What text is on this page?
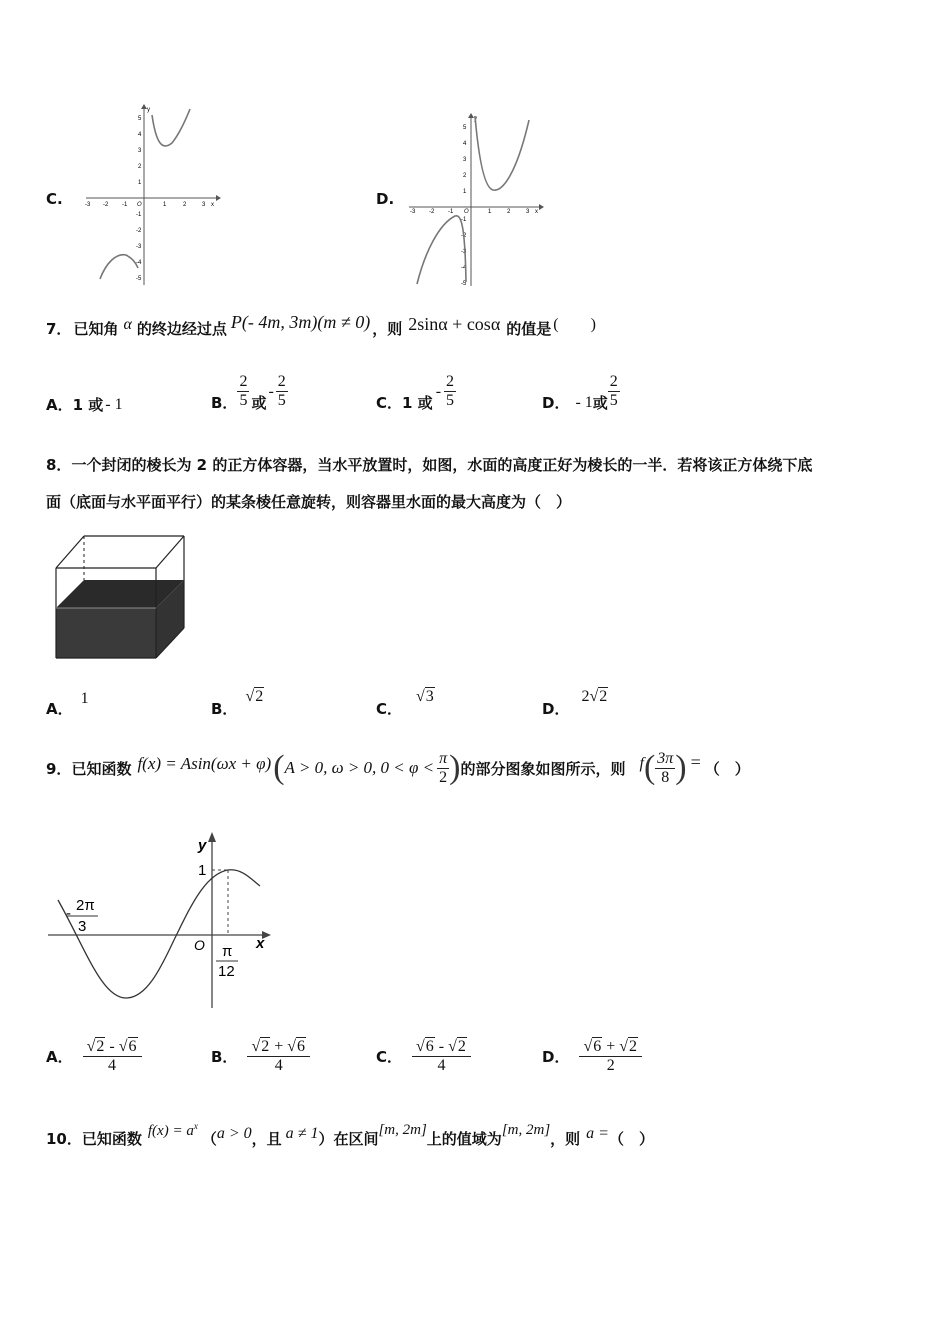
C.
y
x
O
-3 -2 -1	1	2	3
5
4
3
2
1
-1
-2
-3
-4
-5
D.
y
x
O
-3 -2 -1	1	2	3
5
4
3
2
1
-1
-2
-3
-4
-5
7． 已知角 α 的终边经过点 P(- 4m, 3m)(m ≠ 0) ，则 2sinα + cosα 的值是 (        )
A． 1 或 - 1	B． $\frac{2}{5}$ 或
- $\frac{2}{5}$	C． 1 或
- $\frac{2}{5}$	D． - 1 或 $\frac{2}{5}$
8．一个封闭的棱长为 2 的正方体容器，当水平放置时，如图，水面的高度正好为棱长的一半．若将该正方体绕下底
面（底面与水平面平行）的某条棱任意旋转，则容器里水面的最大高度为（　）
A．
1
B．
√2
C．
√3
D．
2 √2
9． 已知函数 f(x) = Asin(ωx + φ) ( A > 0, ω > 0, $0 < \varphi < \frac{\pi}{2}$ ) 的部分图象如图所示，则 f ( $\frac{3\pi}{8}$ ) = （　）
y
x
O
1
- 2π
3
π
12
A． $\frac{√2 - √6}{4}$	B． $\frac{√2 + √6}{4}$	C． $\frac{√6 - √2}{4}$	D． $\frac{√6 + √2}{2}$
10． 已知函数 $f(x) = a^x$
（ a > 0 ，且 a ≠ 1 ）在区间 [m, 2m] 上的值域为 [m, 2m] ，则 a = （　）
